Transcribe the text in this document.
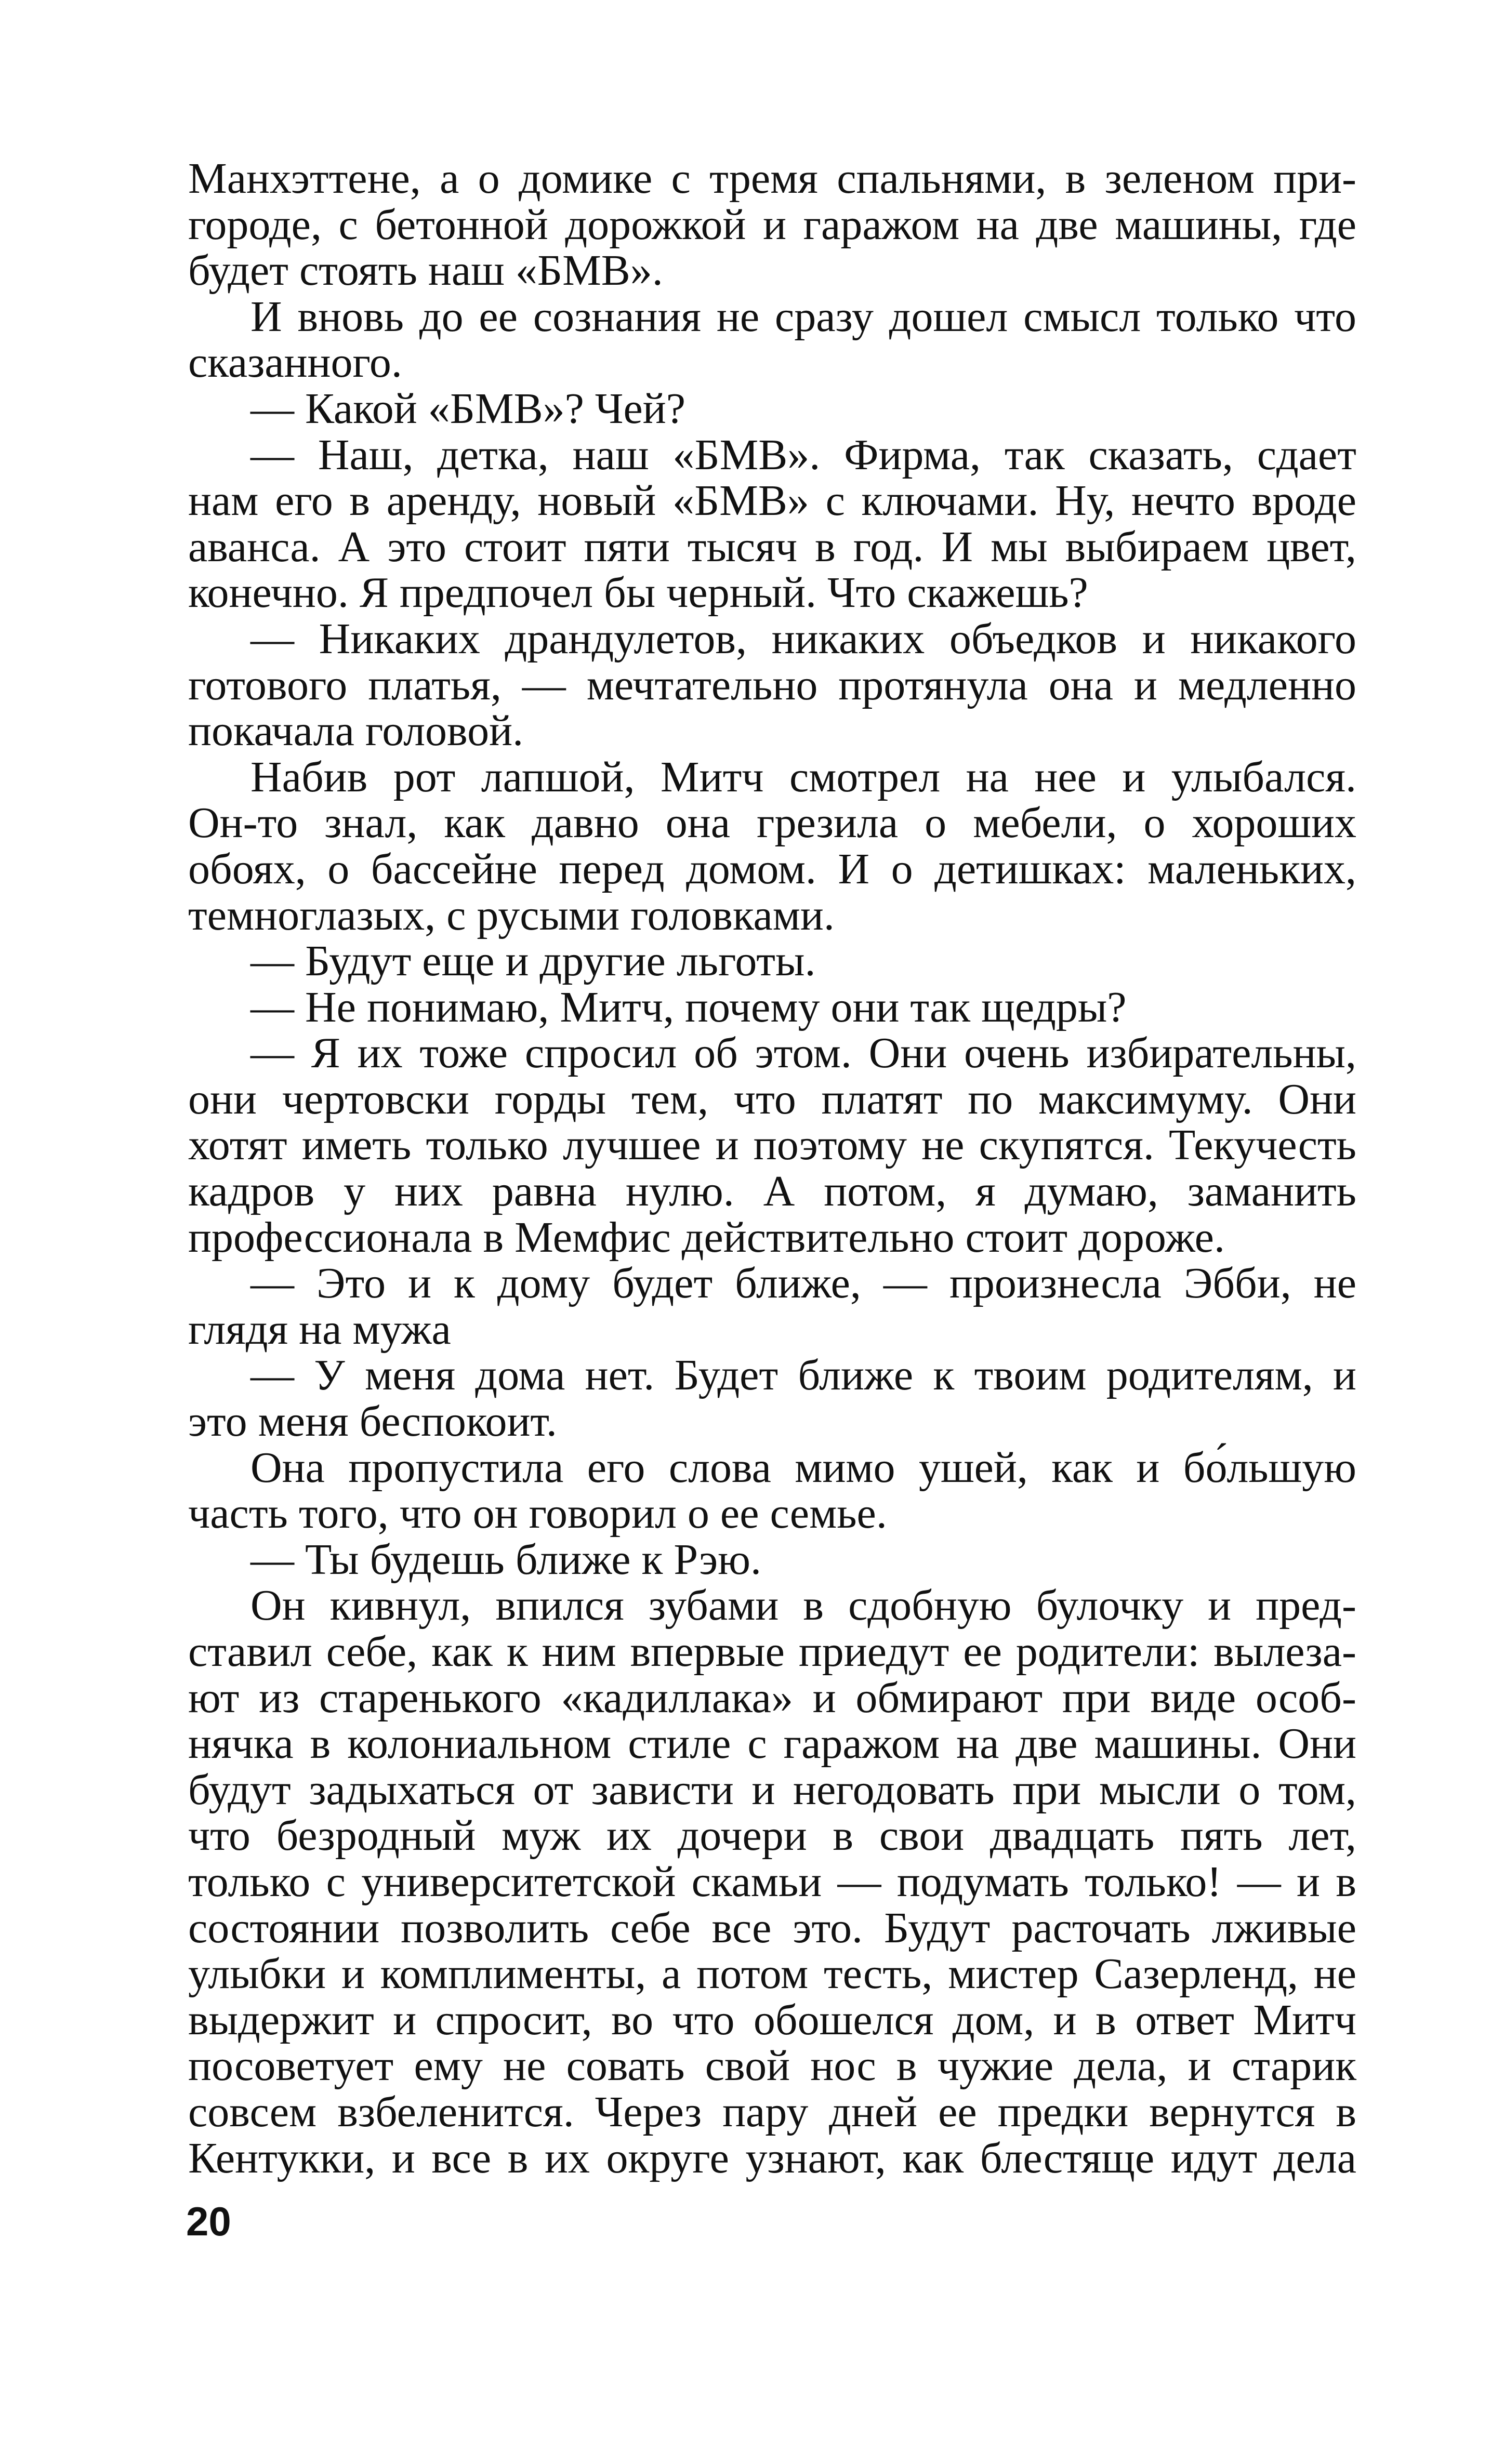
Манхэттене, а о домике с тремя спальнями, в зеленом при-
городе, с бетонной дорожкой и гаражом на две машины, где
будет стоять наш «БМВ».
И вновь до ее сознания не сразу дошел смысл только что
сказанного.
— Какой «БМВ»? Чей?
— Наш, детка, наш «БМВ». Фирма, так сказать, сдает
нам его в аренду, новый «БМВ» с ключами. Ну, нечто вроде
аванса. А это стоит пяти тысяч в год. И мы выбираем цвет,
конечно. Я предпочел бы черный. Что скажешь?
— Никаких драндулетов, никаких объедков и никакого
готового платья, — мечтательно протянула она и медленно
покачала головой.
Набив рот лапшой, Митч смотрел на нее и улыбался.
Он-то знал, как давно она грезила о мебели, о хороших
обоях, о бассейне перед домом. И о детишках: маленьких,
темноглазых, с русыми головками.
— Будут еще и другие льготы.
— Не понимаю, Митч, почему они так щедры?
— Я их тоже спросил об этом. Они очень избирательны,
они чертовски горды тем, что платят по максимуму. Они
хотят иметь только лучшее и поэтому не скупятся. Текучесть
кадров у них равна нулю. А потом, я думаю, заманить
профессионала в Мемфис действительно стоит дороже.
— Это и к дому будет ближе, — произнесла Эбби, не
глядя на мужа
— У меня дома нет. Будет ближе к твоим родителям, и
это меня беспокоит.
Она пропустила его слова мимо ушей, как и бо́льшую
часть того, что он говорил о ее семье.
— Ты будешь ближе к Рэю.
Он кивнул, впился зубами в сдобную булочку и пред-
ставил себе, как к ним впервые приедут ее родители: вылеза-
ют из старенького «кадиллака» и обмирают при виде особ-
нячка в колониальном стиле с гаражом на две машины. Они
будут задыхаться от зависти и негодовать при мысли о том,
что безродный муж их дочери в свои двадцать пять лет,
только с университетской скамьи — подумать только! — и в
состоянии позволить себе все это. Будут расточать лживые
улыбки и комплименты, а потом тесть, мистер Сазерленд, не
выдержит и спросит, во что обошелся дом, и в ответ Митч
посоветует ему не совать свой нос в чужие дела, и старик
совсем взбеленится. Через пару дней ее предки вернутся в
Кентукки, и все в их округе узнают, как блестяще идут дела
20
